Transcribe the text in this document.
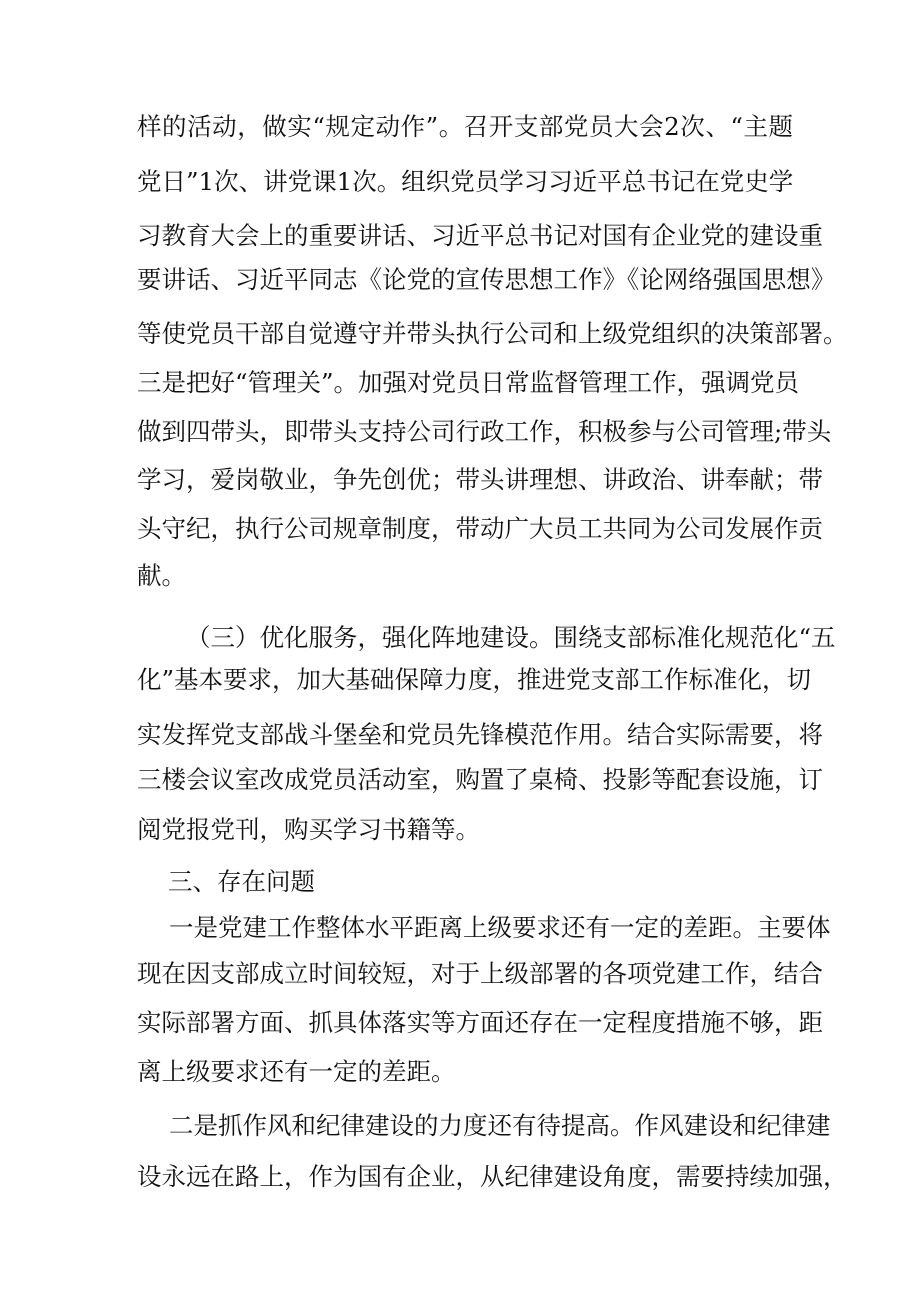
样的活动，做实“规定动作”。召开支部党员大会2次、“主题
党日”1次、讲党课1次。组织党员学习习近平总书记在党史学
习教育大会上的重要讲话、习近平总书记对国有企业党的建设重
要讲话、习近平同志《论党的宣传思想工作》《论网络强国思想》
等使党员干部自觉遵守并带头执行公司和上级党组织的决策部署。
三是把好“管理关”。加强对党员日常监督管理工作，强调党员
做到四带头，即带头支持公司行政工作，积极参与公司管理;带头
学习，爱岗敬业，争先创优；带头讲理想、讲政治、讲奉献；带
头守纪，执行公司规章制度，带动广大员工共同为公司发展作贡
献。
（三）优化服务，强化阵地建设。围绕支部标准化规范化“五
化”基本要求，加大基础保障力度，推进党支部工作标准化，切
实发挥党支部战斗堡垒和党员先锋模范作用。结合实际需要，将
三楼会议室改成党员活动室，购置了桌椅、投影等配套设施，订
阅党报党刊，购买学习书籍等。
三、存在问题
一是党建工作整体水平距离上级要求还有一定的差距。主要体
现在因支部成立时间较短，对于上级部署的各项党建工作，结合
实际部署方面、抓具体落实等方面还存在一定程度措施不够，距
离上级要求还有一定的差距。
二是抓作风和纪律建设的力度还有待提高。作风建设和纪律建
设永远在路上，作为国有企业，从纪律建设角度，需要持续加强，
